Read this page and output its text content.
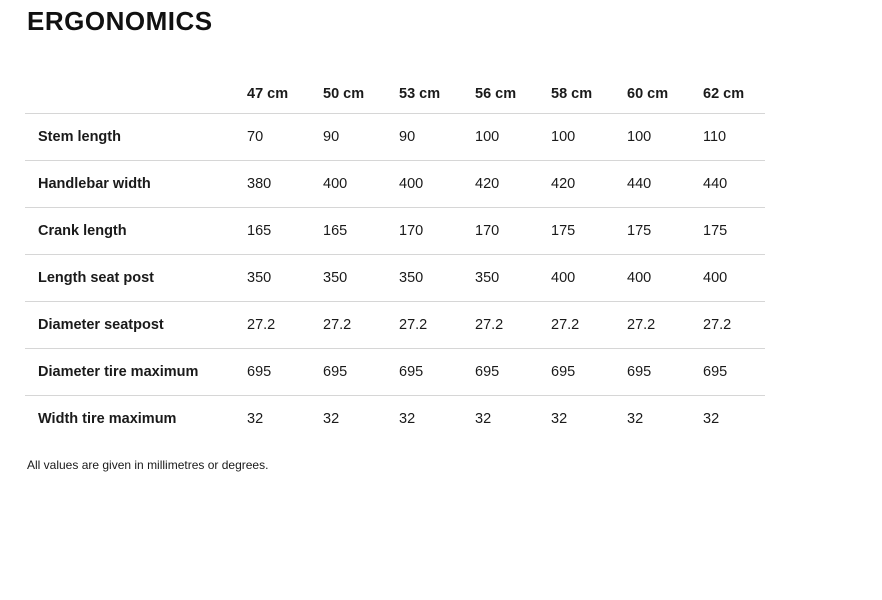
ERGONOMICS
	47 cm	50 cm	53 cm	56 cm	58 cm	60 cm	62 cm
Stem length	70	90	90	100	100	100	110
Handlebar width	380	400	400	420	420	440	440
Crank length	165	165	170	170	175	175	175
Length seat post	350	350	350	350	400	400	400
Diameter seatpost	27.2	27.2	27.2	27.2	27.2	27.2	27.2
Diameter tire maximum	695	695	695	695	695	695	695
Width tire maximum	32	32	32	32	32	32	32
All values are given in millimetres or degrees.
